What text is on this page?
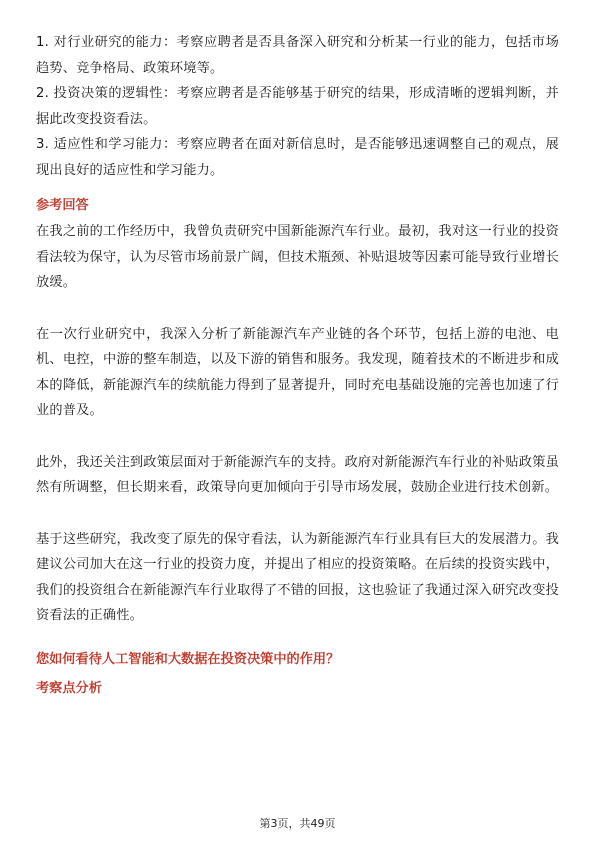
1. 对行业研究的能力：考察应聘者是否具备深入研究和分析某一行业的能力，包括市场趋势、竞争格局、政策环境等。

2. 投资决策的逻辑性：考察应聘者是否能够基于研究的结果，形成清晰的逻辑判断，并据此改变投资看法。

3. 适应性和学习能力：考察应聘者在面对新信息时，是否能够迅速调整自己的观点，展现出良好的适应性和学习能力。

参考回答

在我之前的工作经历中，我曾负责研究中国新能源汽车行业。最初，我对这一行业的投资看法较为保守，认为尽管市场前景广阔，但技术瓶颈、补贴退坡等因素可能导致行业增长放缓。

在一次行业研究中，我深入分析了新能源汽车产业链的各个环节，包括上游的电池、电机、电控，中游的整车制造，以及下游的销售和服务。我发现，随着技术的不断进步和成本的降低，新能源汽车的续航能力得到了显著提升，同时充电基础设施的完善也加速了行业的普及。

此外，我还关注到政策层面对于新能源汽车的支持。政府对新能源汽车行业的补贴政策虽然有所调整，但长期来看，政策导向更加倾向于引导市场发展，鼓励企业进行技术创新。

基于这些研究，我改变了原先的保守看法，认为新能源汽车行业具有巨大的发展潜力。我建议公司加大在这一行业的投资力度，并提出了相应的投资策略。在后续的投资实践中，我们的投资组合在新能源汽车行业取得了不错的回报，这也验证了我通过深入研究改变投资看法的正确性。

您如何看待人工智能和大数据在投资决策中的作用？
考察点分析
第3页，共49页
